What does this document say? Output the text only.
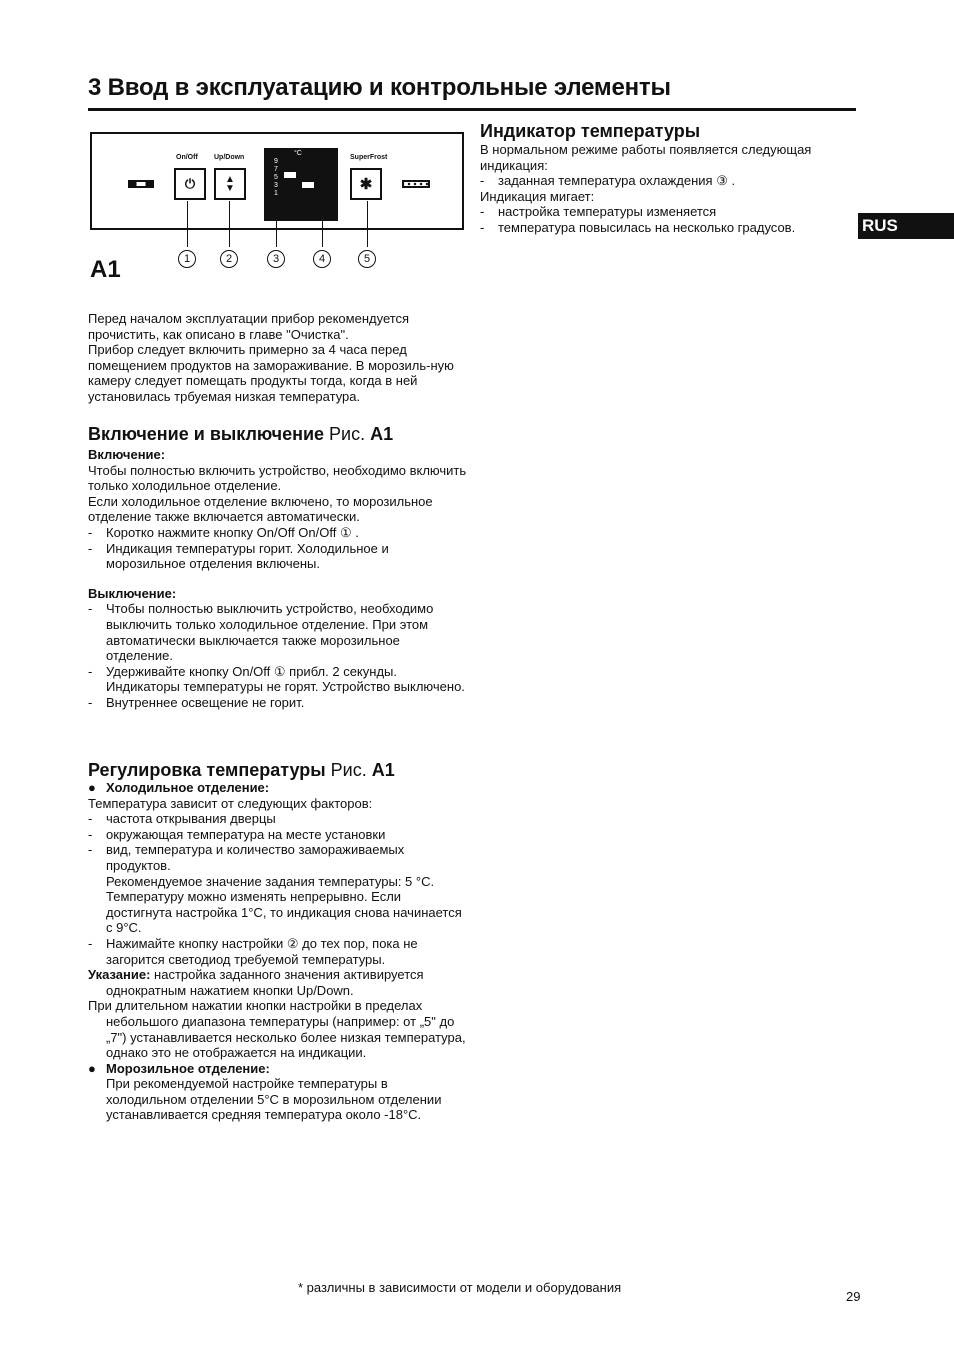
3 Ввод в эксплуатацию и контрольные элементы
On/Off
⏻
Up/Down
▲
▼
°C
9
7
5
3
1
SuperFrost
✱
1	2	3	4	5
A1

Перед началом эксплуатации прибор рекомендуется прочистить, как описано в главе "Очистка".

Прибор следует включить примерно за 4 часа перед помещением продуктов на замораживание. В морозиль-ную камеру следует помещать продукты тогда, когда в ней установилась трбуемая низкая температура.

Включение и выключение Рис. A1

Включение:

Чтобы полностью включить устройство, необходимо включить только холодильное отделение.

Если холодильное отделение включено, то морозильное отделение также включается автоматически.

- Коротко нажмите кнопку On/Off On/Off ① .
- Индикация температуры горит. Холодильное и морозильное отделения включены.

Выключение:

- Чтобы полностью выключить устройство, необходимо выключить только холодильное отделение. При этом автоматически выключается также морозильное отделение.
- Удерживайте кнопку On/Off ① прибл. 2 секунды. Индикаторы температуры не горят. Устройство выключено.
- Внутреннее освещение не горит.
Регулировка температуры Рис. A1
● Холодильное отделение:

Температура зависит от следующих факторов:

- частота открывания дверцы
- окружающая температура на месте установки
- вид, температура и количество замораживаемых продуктов.

Рекомендуемое значение задания температуры: 5 °C. Температуру можно изменять непрерывно. Если достигнута настройка 1°C, то индикация снова начинается с 9°C.

- Нажимайте кнопку настройки ② до тех пор, пока не загорится светодиод требуемой температуры.

Указание: настройка заданного значения активируется однократным нажатием кнопки Up/Down.

При длительном нажатии кнопки настройки в пределах небольшого диапазона температуры (например: от „5" до „7") устанавливается несколько более низкая температура, однако это не отображается на индикации.

● Морозильное отделение:

При рекомендуемой настройке температуры в холодильном отделении 5°C в морозильном отделении устанавливается средняя температура около -18°C.

Индикатор температуры

В нормальном режиме работы появляется следующая индикация:

- заданная температура охлаждения ③ .

Индикация мигает:

- настройка температуры изменяется
- температура повысилась на несколько градусов.	RUS
* различны в зависимости от модели и оборудования
29
